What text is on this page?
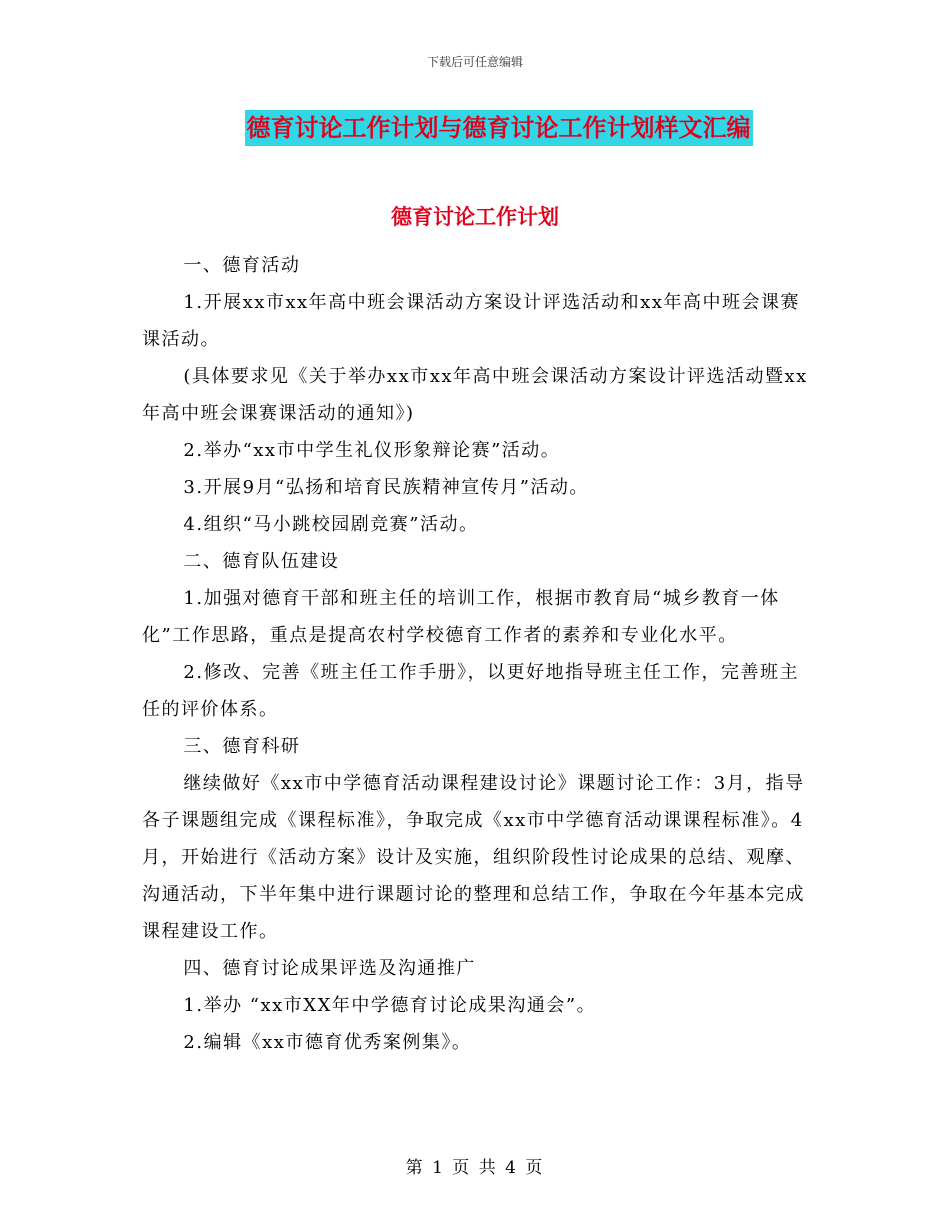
下载后可任意编辑
德育讨论工作计划与德育讨论工作计划样文汇编
德育讨论工作计划

一、德育活动

1.开展xx市xx年高中班会课活动方案设计评选活动和xx年高中班会课赛课活动。

(具体要求见《关于举办xx市xx年高中班会课活动方案设计评选活动暨xx年高中班会课赛课活动的通知》)

2.举办“xx市中学生礼仪形象辩论赛”活动。

3.开展9月“弘扬和培育民族精神宣传月”活动。

4.组织“马小跳校园剧竞赛”活动。

二、德育队伍建设

1.加强对德育干部和班主任的培训工作，根据市教育局“城乡教育一体化”工作思路，重点是提高农村学校德育工作者的素养和专业化水平。

2.修改、完善《班主任工作手册》，以更好地指导班主任工作，完善班主任的评价体系。

三、德育科研

继续做好《xx市中学德育活动课程建设讨论》课题讨论工作：3月，指导各子课题组完成《课程标准》，争取完成《xx市中学德育活动课课程标准》。4月，开始进行《活动方案》设计及实施，组织阶段性讨论成果的总结、观摩、沟通活动，下半年集中进行课题讨论的整理和总结工作，争取在今年基本完成课程建设工作。

四、德育讨论成果评选及沟通推广

1.举办 “xx市XX年中学德育讨论成果沟通会”。

2.编辑《xx市德育优秀案例集》。

第 1 页 共 4 页
